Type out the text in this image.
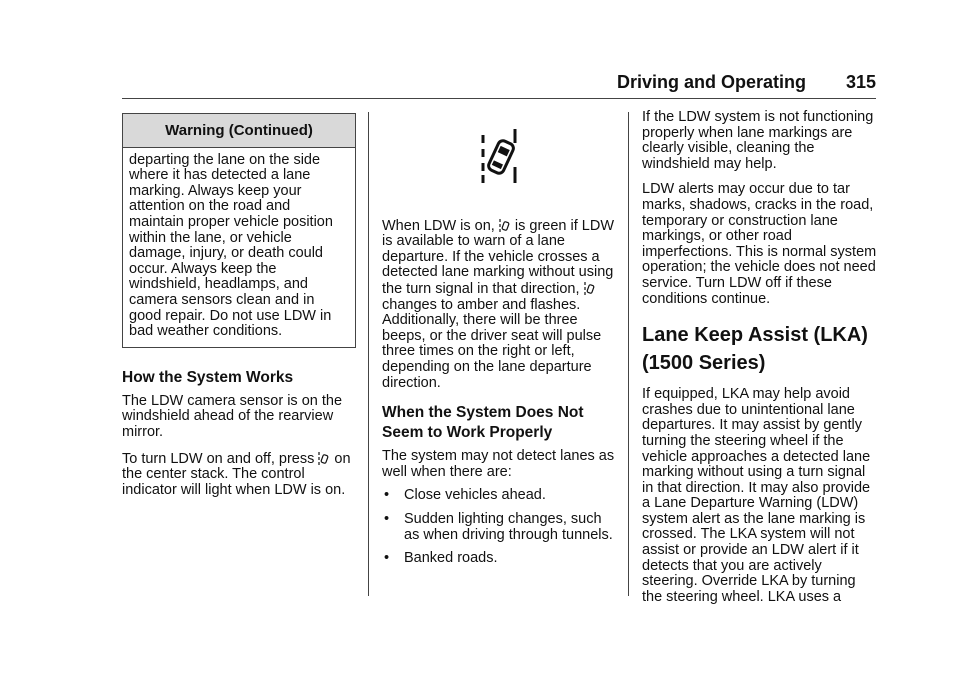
Driving and Operating 315
Warning (Continued)
departing the lane on the side where it has detected a lane marking. Always keep your attention on the road and maintain proper vehicle position within the lane, or vehicle damage, injury, or death could occur. Always keep the windshield, headlamps, and camera sensors clean and in good repair. Do not use LDW in bad weather conditions.
How the System Works

The LDW camera sensor is on the windshield ahead of the rearview mirror.

To turn LDW on and off, press on the center stack. The control indicator will light when LDW is on.

When LDW is on, is green if LDW is available to warn of a lane departure. If the vehicle crosses a detected lane marking without using the turn signal in that direction,  changes to amber and flashes. Additionally, there will be three beeps, or the driver seat will pulse three times on the right or left, depending on the lane departure direction.

When the System Does Not Seem to Work Properly

The system may not detect lanes as well when there are:

• Close vehicles ahead.
• Sudden lighting changes, such as when driving through tunnels.
• Banked roads.

If the LDW system is not functioning properly when lane markings are clearly visible, cleaning the windshield may help.

LDW alerts may occur due to tar marks, shadows, cracks in the road, temporary or construction lane markings, or other road imperfections. This is normal system operation; the vehicle does not need service. Turn LDW off if these conditions continue.

Lane Keep Assist (LKA)
(1500 Series)

If equipped, LKA may help avoid crashes due to unintentional lane departures. It may assist by gently turning the steering wheel if the vehicle approaches a detected lane marking without using a turn signal in that direction. It may also provide a Lane Departure Warning (LDW) system alert as the lane marking is crossed. The LKA system will not assist or provide an LDW alert if it detects that you are actively steering. Override LKA by turning the steering wheel. LKA uses a
